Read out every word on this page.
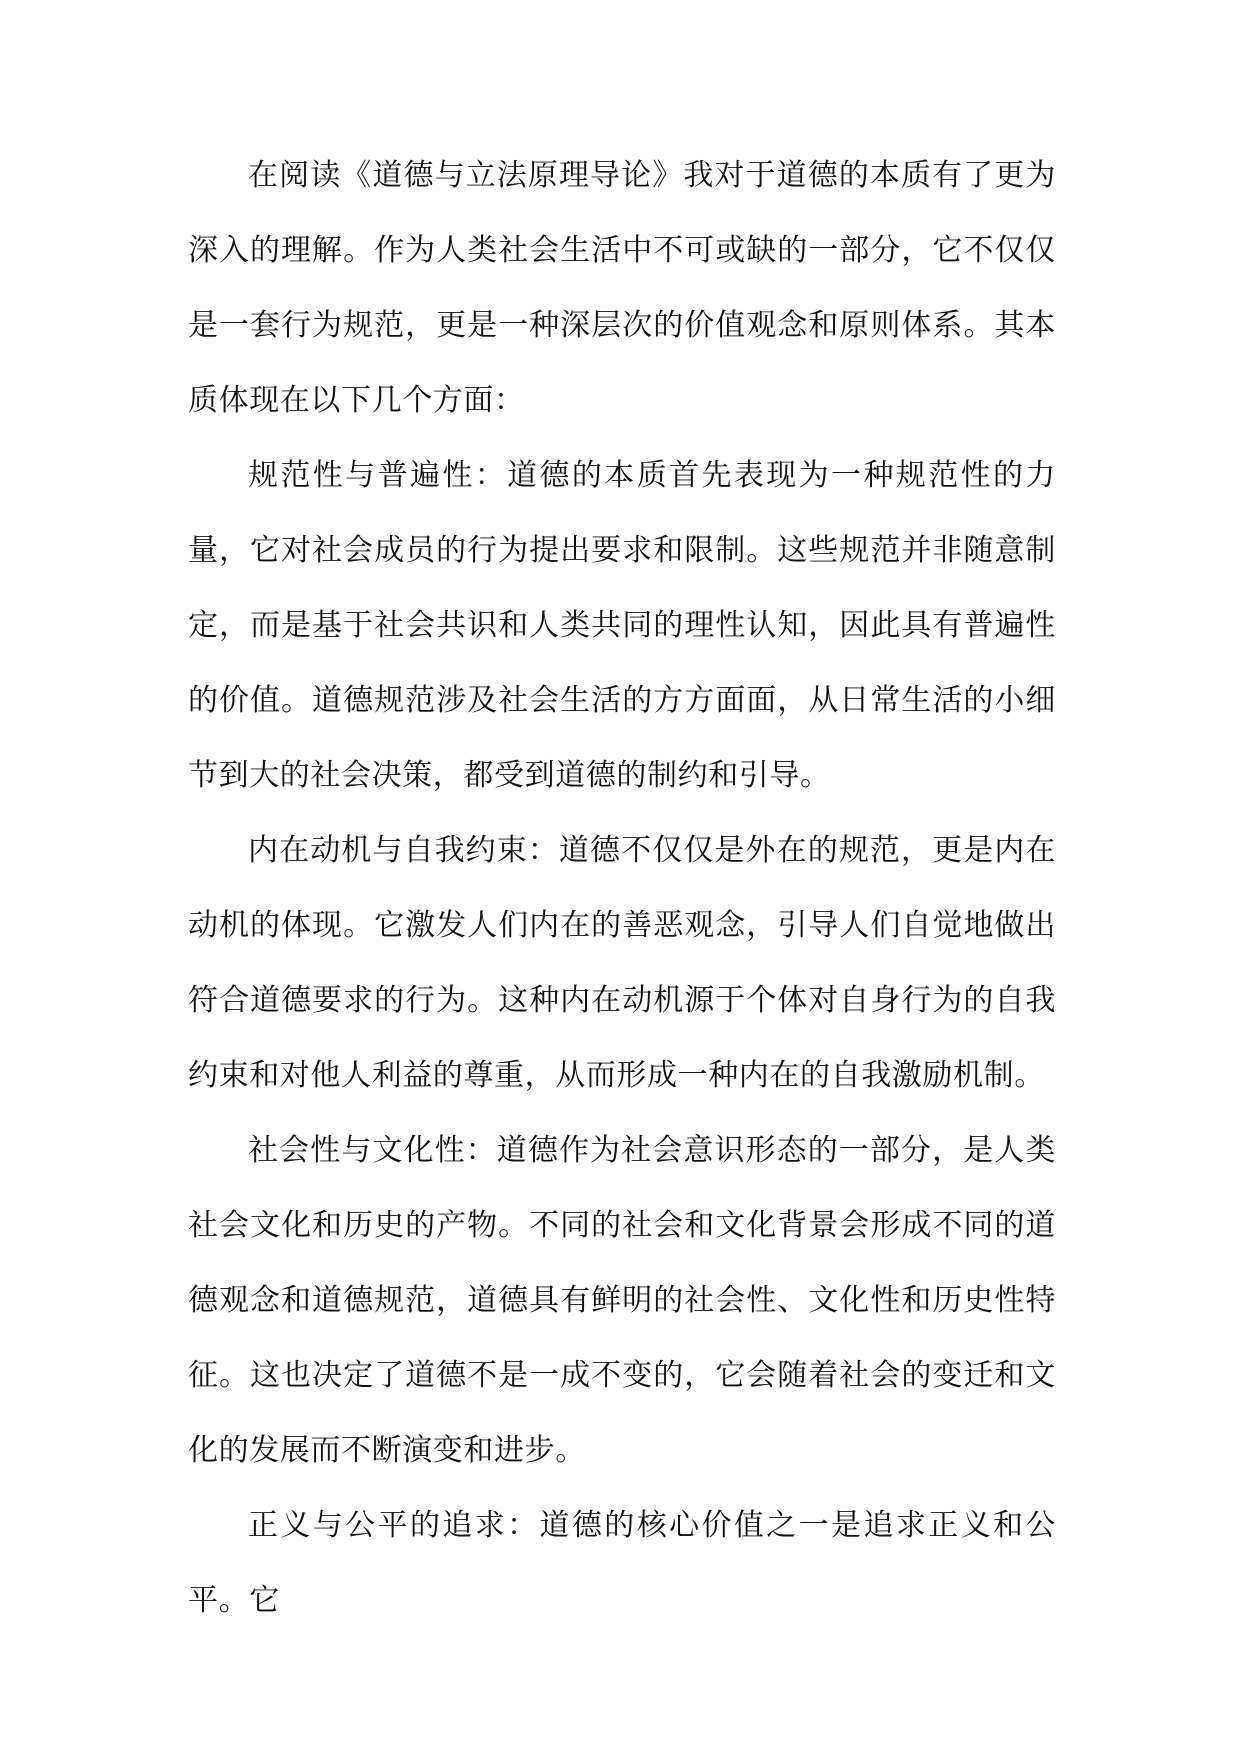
在阅读《道德与立法原理导论》我对于道德的本质有了更为深入的理解。作为人类社会生活中不可或缺的一部分，它不仅仅是一套行为规范，更是一种深层次的价值观念和原则体系。其本质体现在以下几个方面：

规范性与普遍性：道德的本质首先表现为一种规范性的力量，它对社会成员的行为提出要求和限制。这些规范并非随意制定，而是基于社会共识和人类共同的理性认知，因此具有普遍性的价值。道德规范涉及社会生活的方方面面，从日常生活的小细节到大的社会决策，都受到道德的制约和引导。

内在动机与自我约束：道德不仅仅是外在的规范，更是内在动机的体现。它激发人们内在的善恶观念，引导人们自觉地做出符合道德要求的行为。这种内在动机源于个体对自身行为的自我约束和对他人利益的尊重，从而形成一种内在的自我激励机制。

社会性与文化性：道德作为社会意识形态的一部分，是人类社会文化和历史的产物。不同的社会和文化背景会形成不同的道德观念和道德规范，道德具有鲜明的社会性、文化性和历史性特征。这也决定了道德不是一成不变的，它会随着社会的变迁和文化的发展而不断演变和进步。

正义与公平的追求：道德的核心价值之一是追求正义和公平。它
